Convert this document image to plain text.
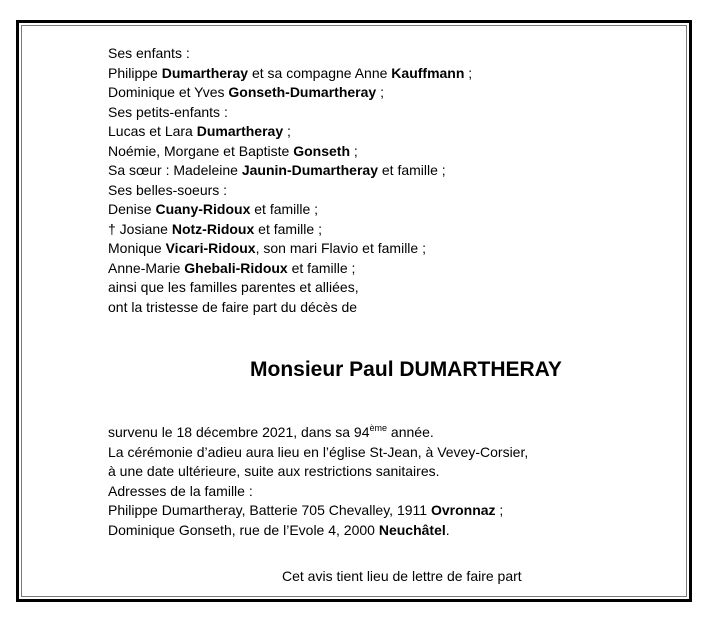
Ses enfants :
Philippe Dumartheray et sa compagne Anne Kauffmann ;
Dominique et Yves Gonseth-Dumartheray ;
Ses petits-enfants :
Lucas et Lara Dumartheray ;
Noémie, Morgane et Baptiste Gonseth ;
Sa sœur : Madeleine Jaunin-Dumartheray et famille ;
Ses belles-soeurs :
Denise Cuany-Ridoux et famille ;
† Josiane Notz-Ridoux et famille ;
Monique Vicari-Ridoux, son mari Flavio et famille ;
Anne-Marie Ghebali-Ridoux et famille ;
ainsi que les familles parentes et alliées,
ont la tristesse de faire part du décès de
Monsieur Paul DUMARTHERAY
survenu le 18 décembre 2021, dans sa 94ème année.
La cérémonie d’adieu aura lieu en l’église St-Jean, à Vevey-Corsier,
à une date ultérieure, suite aux restrictions sanitaires.
Adresses de la famille :
Philippe Dumartheray, Batterie 705 Chevalley, 1911 Ovronnaz ;
Dominique Gonseth, rue de l’Evole 4, 2000 Neuchâtel.
Cet avis tient lieu de lettre de faire part
